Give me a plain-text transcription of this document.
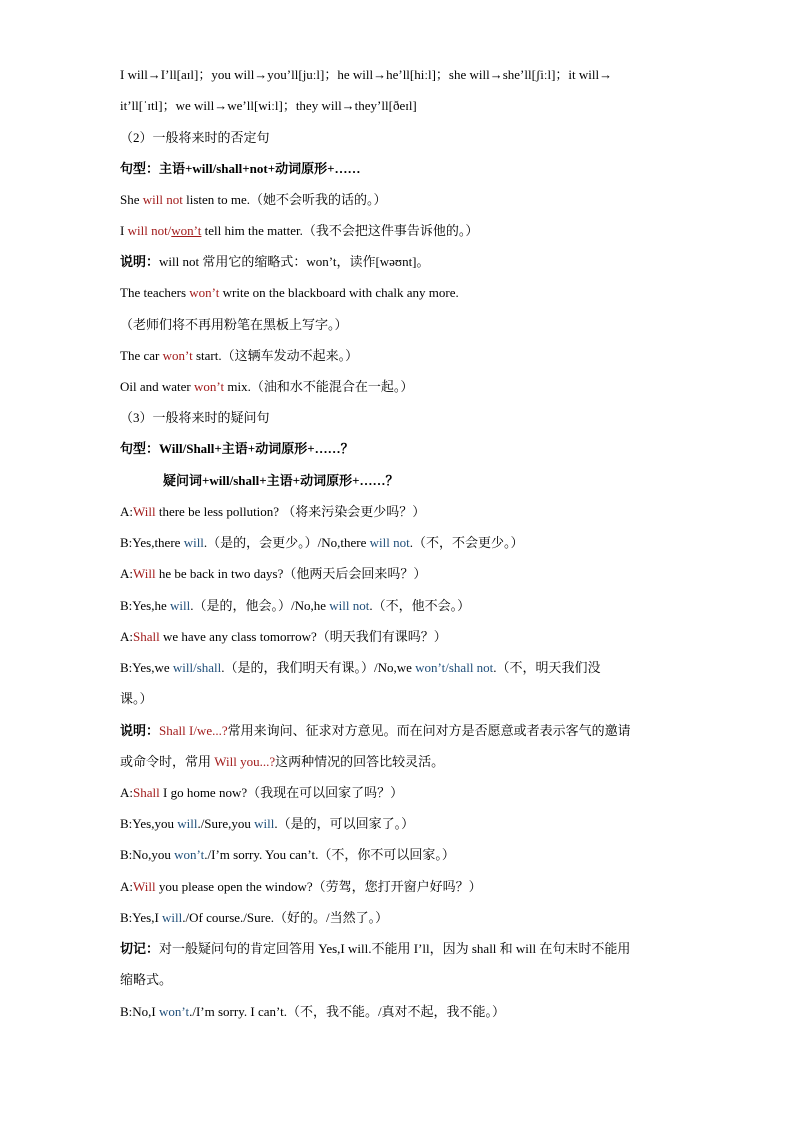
I will→I’ll[aɪl]；you will→you’ll[juːl]；he will→he’ll[hiːl]；she will→she’ll[ʃiːl]；it will→
it’ll[ˈɪtl]；we will→we’ll[wiːl]；they will→they’ll[ðeɪl]
（2）一般将来时的否定句
句型：主语+will/shall+not+动词原形+……
She will not listen to me.（她不会听我的话的。）
I will not/won’t tell him the matter.（我不会把这件事告诉他的。）
说明：will not 常用它的缩略式：won’t，读作[wəʊnt]。
The teachers won’t write on the blackboard with chalk any more.
（老师们将不再用粉笔在黑板上写字。）
The car won’t start.（这辆车发动不起来。）
Oil and water won’t mix.（油和水不能混合在一起。）
（3）一般将来时的疑问句
句型：Will/Shall+主语+动词原形+……？
疑问词+will/shall+主语+动词原形+……？
A:Will there be less pollution? （将来污染会更少吗？）
B:Yes,there will.（是的，会更少。）/No,there will not.（不，不会更少。）
A:Will he be back in two days?（他两天后会回来吗？）
B:Yes,he will.（是的，他会。）/No,he will not.（不，他不会。）
A:Shall we have any class tomorrow?（明天我们有课吗？）
B:Yes,we will/shall.（是的，我们明天有课。）/No,we won’t/shall not.（不，明天我们没
课。）
说明：Shall I/we...?常用来询问、征求对方意见。而在问对方是否愿意或者表示客气的邀请
或命令时，常用 Will you...?这两种情况的回答比较灵活。
A:Shall I go home now?（我现在可以回家了吗？）
B:Yes,you will./Sure,you will.（是的，可以回家了。）
B:No,you won’t./I’m sorry. You can’t.（不，你不可以回家。）
A:Will you please open the window?（劳驾，您打开窗户好吗？）
B:Yes,I will./Of course./Sure.（好的。/当然了。）
切记：对一般疑问句的肯定回答用 Yes,I will.不能用 I’ll，因为 shall 和 will 在句末时不能用
缩略式。
B:No,I won’t./I’m sorry. I can’t.（不，我不能。/真对不起，我不能。）
